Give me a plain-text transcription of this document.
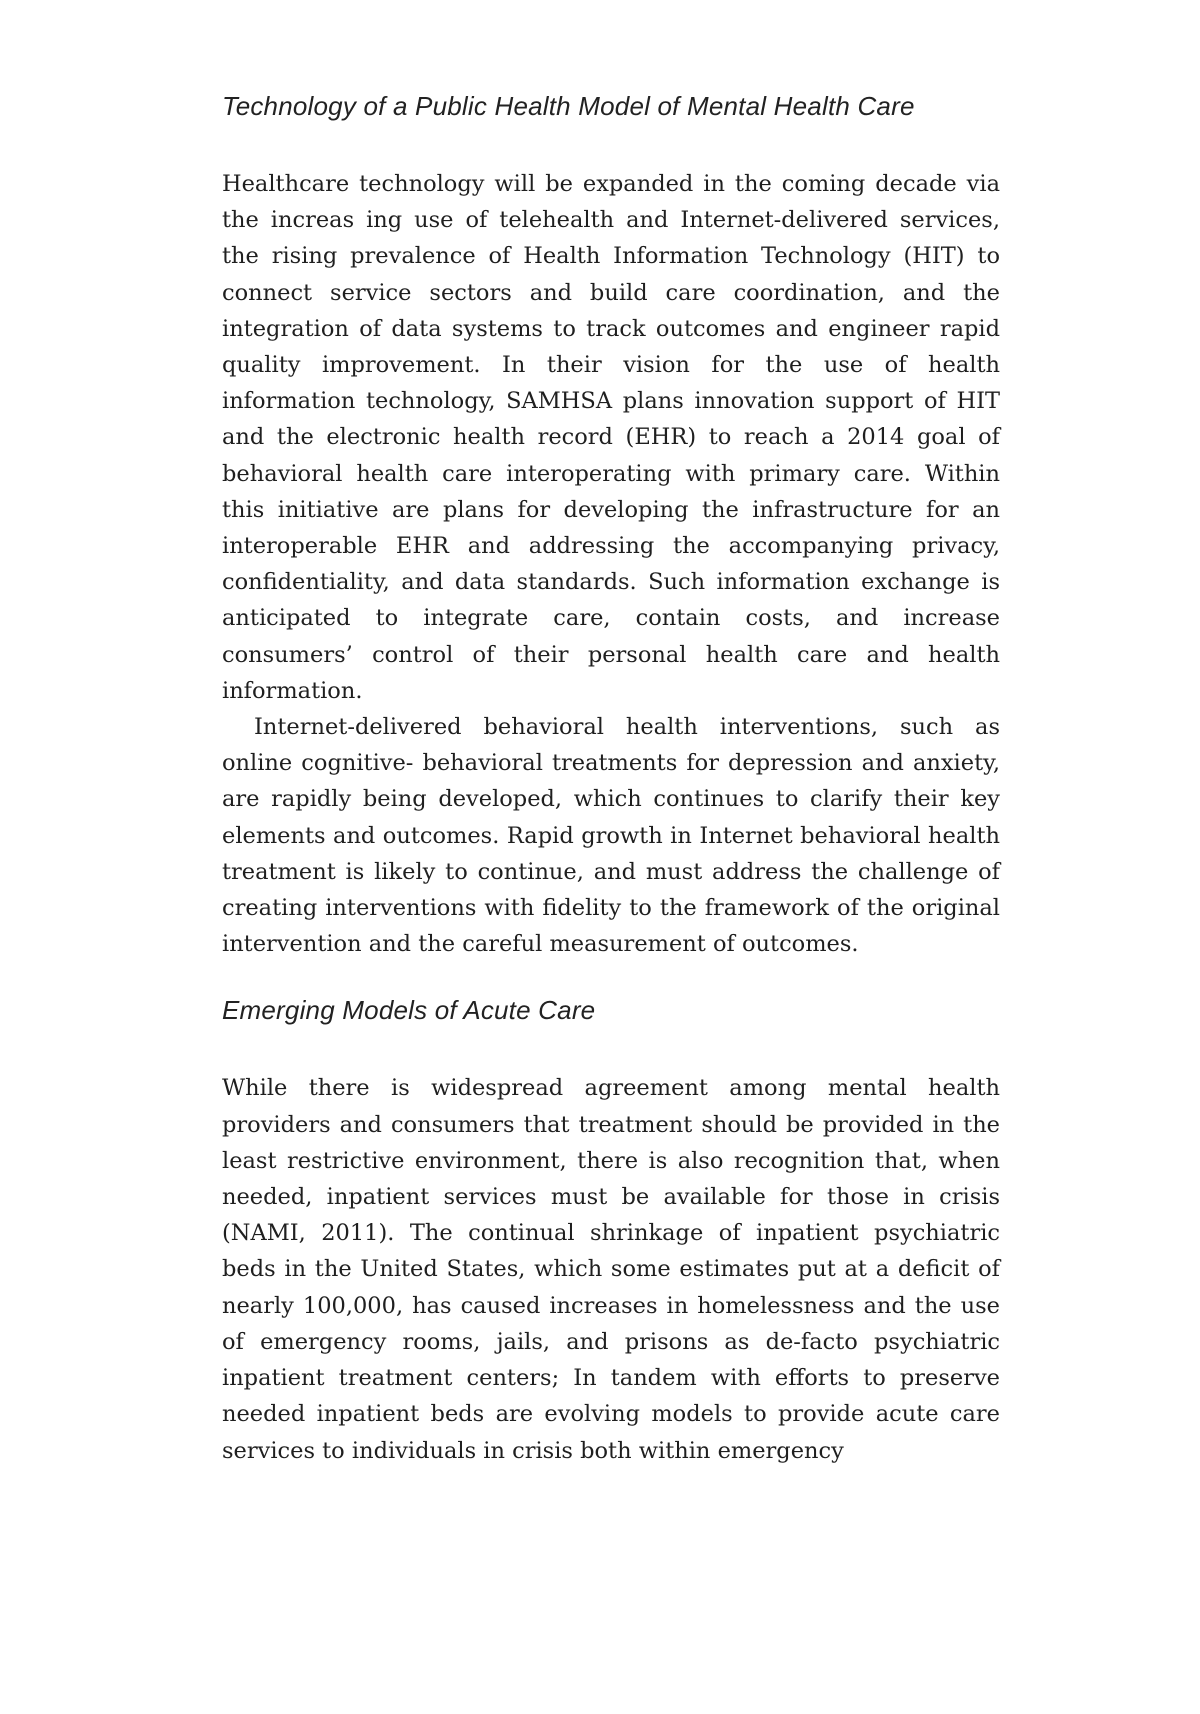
Technology of a Public Health Model of Mental Health Care

Healthcare technology will be expanded in the coming decade via the increas ing use of telehealth and Internet-delivered services, the rising prevalence of Health Information Technology (HIT) to connect service sectors and build care coordination, and the integration of data systems to track outcomes and engineer rapid quality improvement. In their vision for the use of health information technology, SAMHSA plans innovation support of HIT and the electronic health record (EHR) to reach a 2014 goal of behavioral health care interoperating with primary care. Within this initiative are plans for developing the infrastructure for an interoperable EHR and addressing the accompanying privacy, confidentiality, and data standards. Such information exchange is anticipated to integrate care, contain costs, and increase consumers’ control of their personal health care and health information.

Internet-delivered behavioral health interventions, such as online cognitive- behavioral treatments for depression and anxiety, are rapidly being developed, which continues to clarify their key elements and outcomes. Rapid growth in Internet behavioral health treatment is likely to continue, and must address the challenge of creating interventions with fidelity to the framework of the original intervention and the careful measurement of outcomes.

Emerging Models of Acute Care

While there is widespread agreement among mental health providers and consumers that treatment should be provided in the least restrictive environment, there is also recognition that, when needed, inpatient services must be available for those in crisis (NAMI, 2011). The continual shrinkage of inpatient psychiatric beds in the United States, which some estimates put at a deficit of nearly 100,000, has caused increases in homelessness and the use of emergency rooms, jails, and prisons as de-facto psychiatric inpatient treatment centers; In tandem with efforts to preserve needed inpatient beds are evolving models to provide acute care services to individuals in crisis both within emergency
